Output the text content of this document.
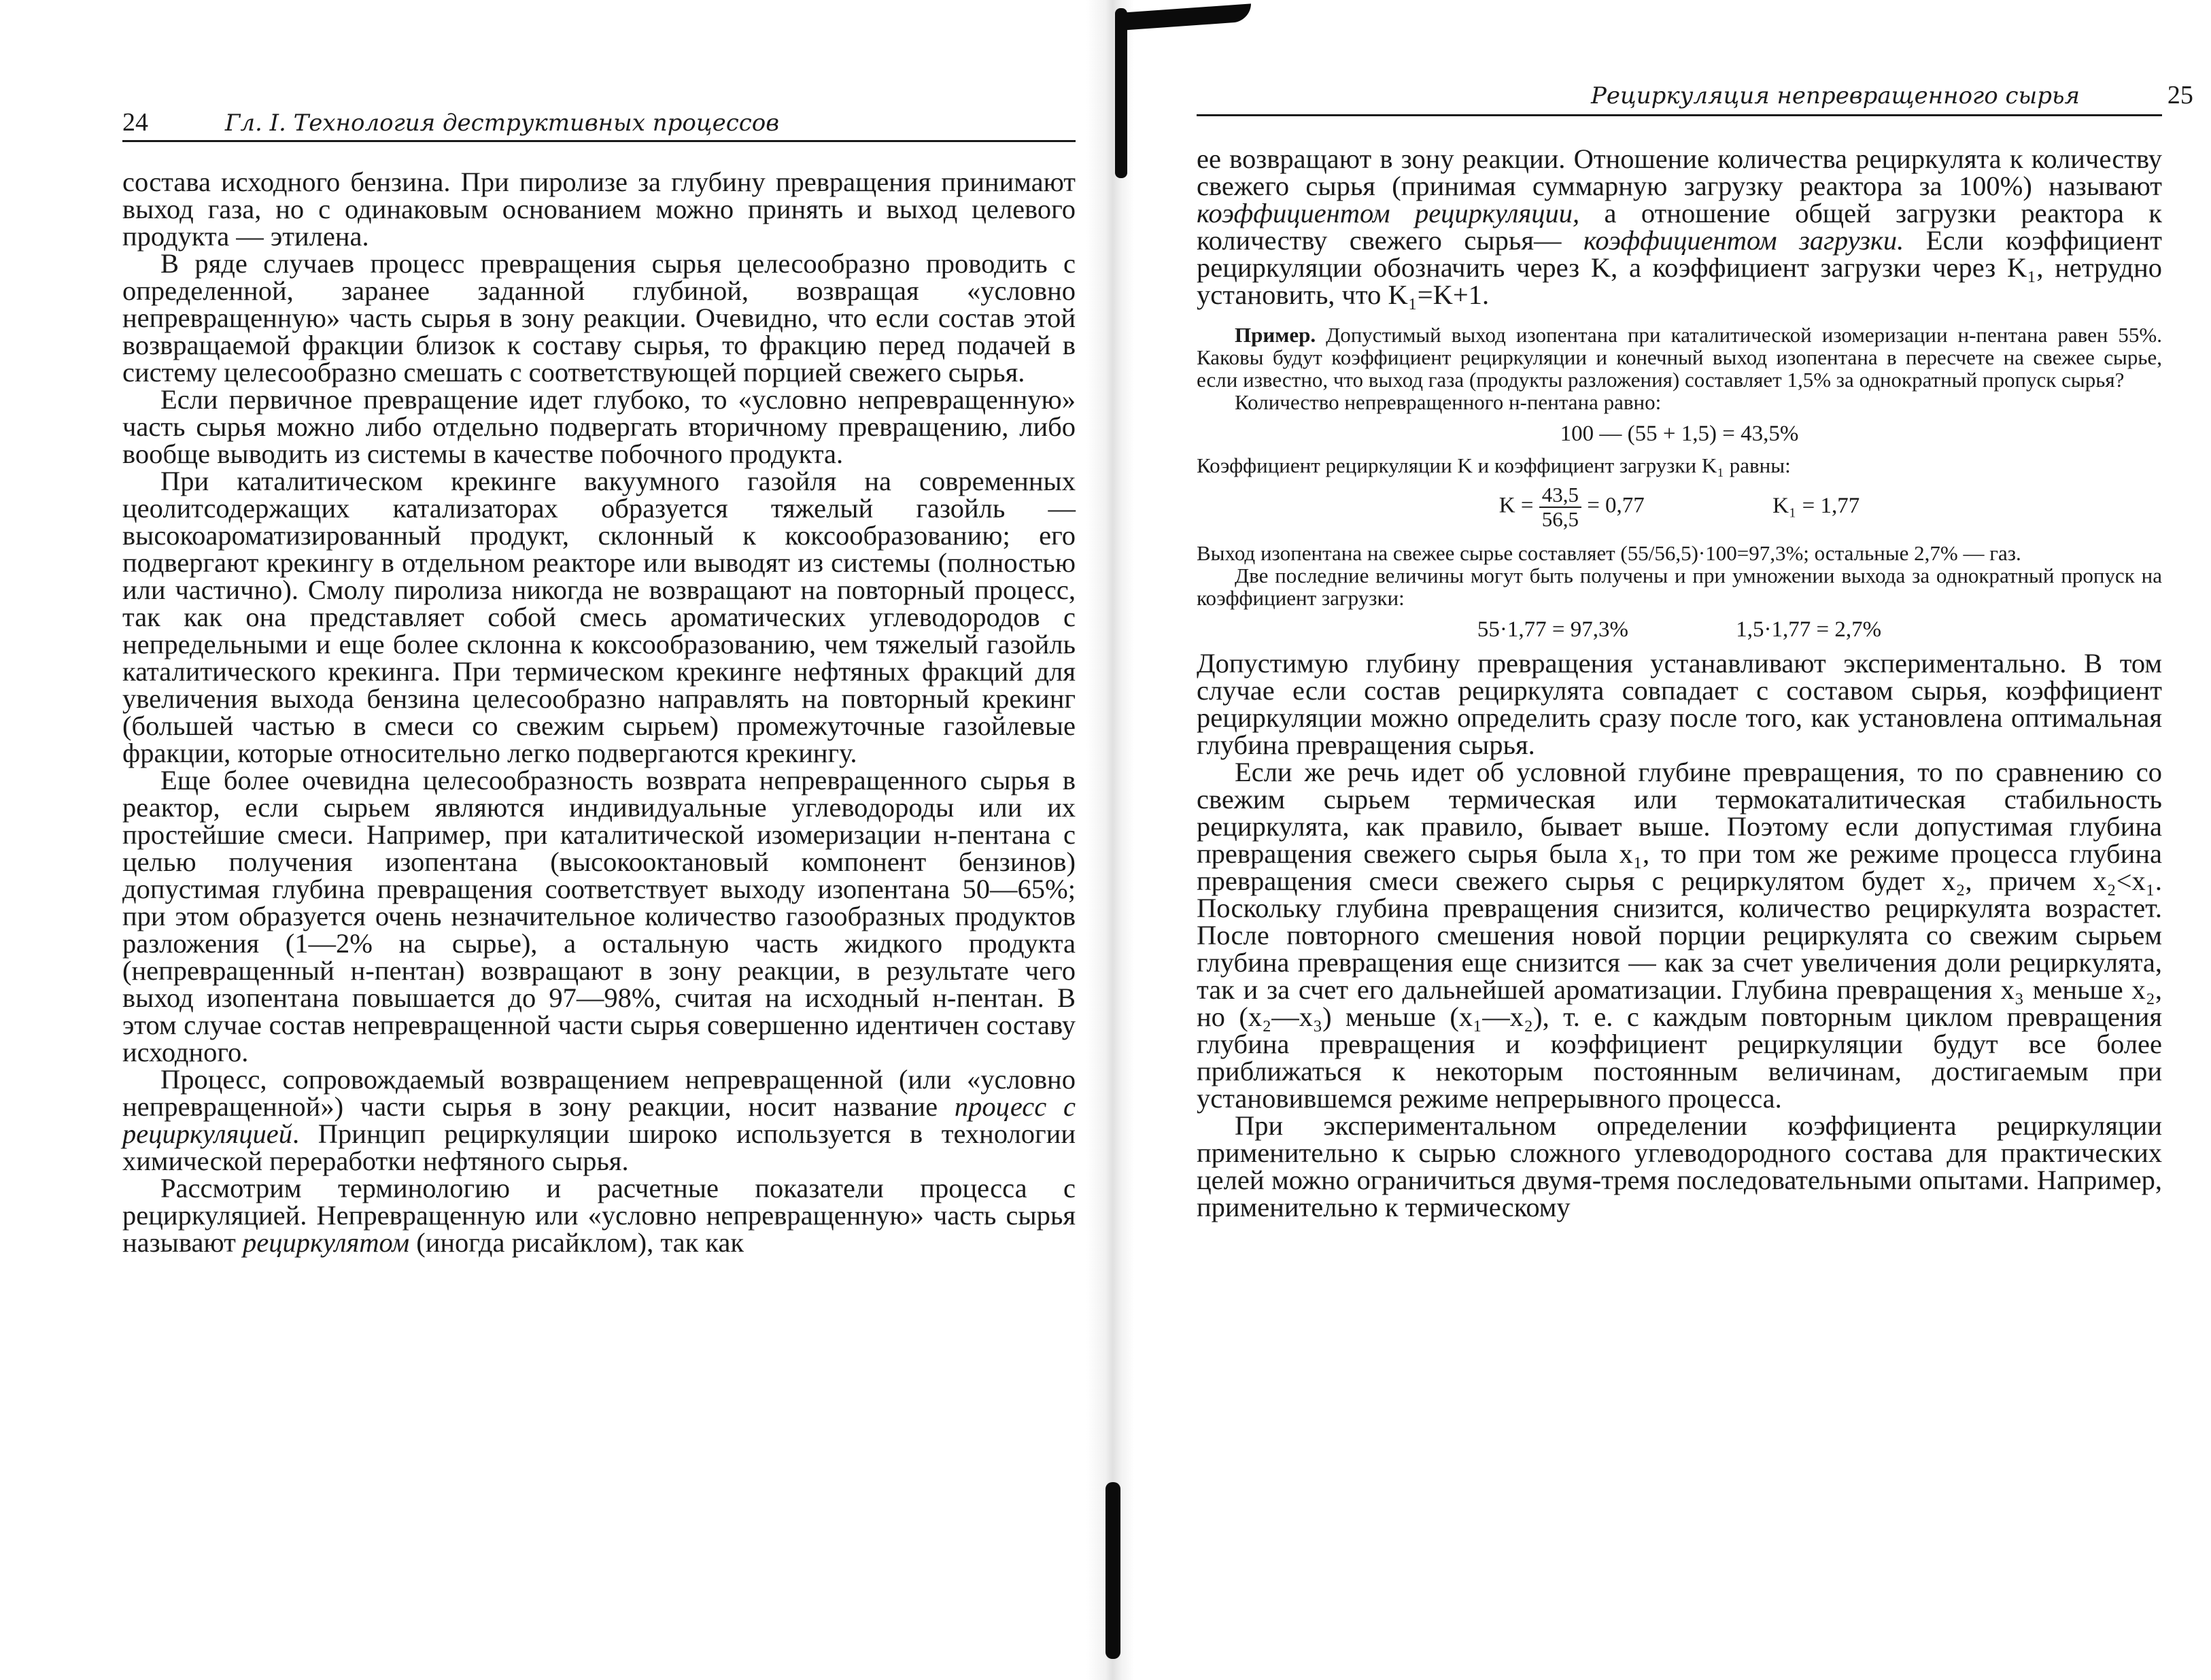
24	Гл. I. Технология деструктивных процессов

состава исходного бензина. При пиролизе за глубину превращения принимают выход газа, но с одинаковым основанием можно принять и выход целевого продукта — этилена.

В ряде случаев процесс превращения сырья целесообразно проводить с определенной, заранее заданной глубиной, возвращая «условно непревращенную» часть сырья в зону реакции. Очевидно, что если состав этой возвращаемой фракции близок к составу сырья, то фракцию перед подачей в систему целесообразно смешать с соответствующей порцией свежего сырья.

Если первичное превращение идет глубоко, то «условно непревращенную» часть сырья можно либо отдельно подвергать вторичному превращению, либо вообще выводить из системы в качестве побочного продукта.

При каталитическом крекинге вакуумного газойля на современных цеолитсодержащих катализаторах образуется тяжелый газойль — высокоароматизированный продукт, склонный к коксообразованию; его подвергают крекингу в отдельном реакторе или выводят из системы (полностью или частично). Смолу пиролиза никогда не возвращают на повторный процесс, так как она представляет собой смесь ароматических углеводородов с непредельными и еще более склонна к коксообразованию, чем тяжелый газойль каталитического крекинга. При термическом крекинге нефтяных фракций для увеличения выхода бензина целесообразно направлять на повторный крекинг (большей частью в смеси со свежим сырьем) промежуточные газойлевые фракции, которые относительно легко подвергаются крекингу.

Еще более очевидна целесообразность возврата непревращенного сырья в реактор, если сырьем являются индивидуальные углеводороды или их простейшие смеси. Например, при каталитической изомеризации н-пентана с целью получения изопентана (высокооктановый компонент бензинов) допустимая глубина превращения соответствует выходу изопентана 50—65%; при этом образуется очень незначительное количество газообразных продуктов разложения (1—2% на сырье), а остальную часть жидкого продукта (непревращенный н-пентан) возвращают в зону реакции, в результате чего выход изопентана повышается до 97—98%, считая на исходный н-пентан. В этом случае состав непревращенной части сырья совершенно идентичен составу исходного.

Процесс, сопровождаемый возвращением непревращенной (или «условно непревращенной») части сырья в зону реакции, носит название процесс с рециркуляцией. Принцип рециркуляции широко используется в технологии химической переработки нефтяного сырья.

Рассмотрим терминологию и расчетные показатели процесса с рециркуляцией. Непревращенную или «условно непревращенную» часть сырья называют рециркулятом (иногда рисайклом), так как

Рециркуляция непревращенного сырья	25

ее возвращают в зону реакции. Отношение количества рециркулята к количеству свежего сырья (принимая суммарную загрузку реактора за 100%) называют коэффициентом рециркуляции, а отношение общей загрузки реактора к количеству свежего сырья— коэффициентом загрузки. Если коэффициент рециркуляции обозначить через K, а коэффициент загрузки через K₁, нетрудно установить, что K₁=K+1.

Пример. Допустимый выход изопентана при каталитической изомеризации н-пентана равен 55%. Каковы будут коэффициент рециркуляции и конечный выход изопентана в пересчете на свежее сырье, если известно, что выход газа (продукты разложения) составляет 1,5% за однократный пропуск сырья?

Количество непревращенного н-пентана равно:

100 — (55 + 1,5) = 43,5%

Коэффициент рециркуляции K и коэффициент загрузки K₁ равны:

$K = \frac{43,5}{56,5} = 0,77$	K₁ = 1,77

Выход изопентана на свежее сырье составляет (55/56,5)·100=97,3%; остальные 2,7% — газ.

Две последние величины могут быть получены и при умножении выхода за однократный пропуск на коэффициент загрузки:

55·1,77 = 97,3%	1,5·1,77 = 2,7%

Допустимую глубину превращения устанавливают экспериментально. В том случае если состав рециркулята совпадает с составом сырья, коэффициент рециркуляции можно определить сразу после того, как установлена оптимальная глубина превращения сырья.

Если же речь идет об условной глубине превращения, то по сравнению со свежим сырьем термическая или термокаталитическая стабильность рециркулята, как правило, бывает выше. Поэтому если допустимая глубина превращения свежего сырья была x₁, то при том же режиме процесса глубина превращения смеси свежего сырья с рециркулятом будет x₂, причем x₂<x₁. Поскольку глубина превращения снизится, количество рециркулята возрастет. После повторного смешения новой порции рециркулята со свежим сырьем глубина превращения еще снизится — как за счет увеличения доли рециркулята, так и за счет его дальнейшей ароматизации. Глубина превращения x₃ меньше x₂, но (x₂—x₃) меньше (x₁—x₂), т. е. с каждым повторным циклом превращения глубина превращения и коэффициент рециркуляции будут все более приближаться к некоторым постоянным величинам, достигаемым при установившемся режиме непрерывного процесса.

При экспериментальном определении коэффициента рециркуляции применительно к сырью сложного углеводородного состава для практических целей можно ограничиться двумя-тремя последовательными опытами. Например, применительно к термическому
